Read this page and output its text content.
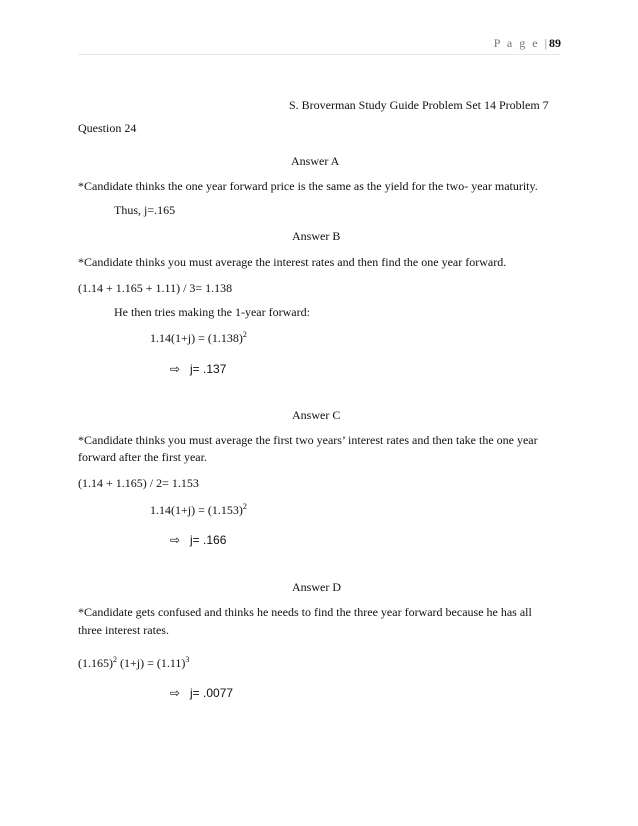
P a g e |89
S. Broverman Study Guide Problem Set 14 Problem 7
Question 24
Answer A
*Candidate thinks the one year forward price is the same as the yield for the two- year maturity.
Thus, j=.165
Answer B
*Candidate thinks you must average the interest rates and then find the one year forward.
(1.14 + 1.165 + 1.11) / 3= 1.138
He then tries making the 1-year forward:
$1.14(1+j) = (1.138)^2$
⇨ j= .137
Answer C
*Candidate thinks you must average the first two years’ interest rates and then take the one year
forward after the first year.
(1.14 + 1.165) / 2= 1.153
$1.14(1+j) = (1.153)^2$
⇨ j= .166
Answer D
*Candidate gets confused and thinks he needs to find the three year forward because he has all
three interest rates.
$(1.165)^2$ $(1+j) = (1.11)^3$
⇨ j= .0077
